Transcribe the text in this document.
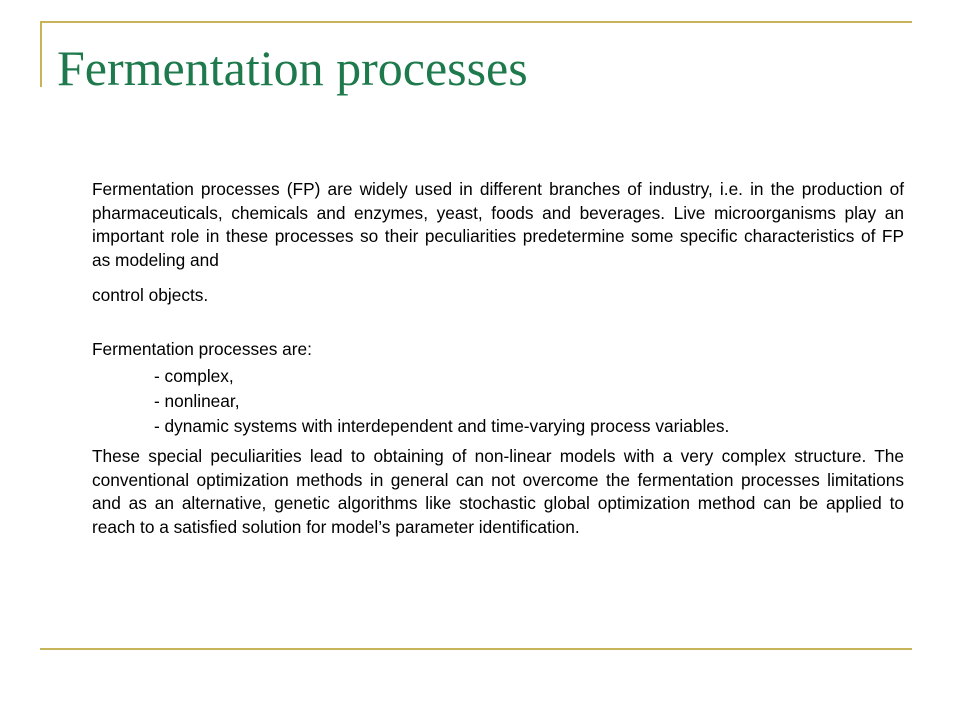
Fermentation processes

Fermentation processes (FP) are widely used in different branches of industry, i.e. in the production of pharmaceuticals, chemicals and enzymes, yeast, foods and beverages. Live microorganisms play an important role in these processes so their peculiarities predetermine some specific characteristics of FP as modeling and
control objects.

Fermentation processes are:

- complex,
- nonlinear,
- dynamic systems with interdependent and time-varying process variables.

These special peculiarities lead to obtaining of non-linear models with a very complex structure. The conventional optimization methods in general can not overcome the fermentation processes limitations and as an alternative, genetic algorithms like stochastic global optimization method can be applied to reach to a satisfied solution for model’s parameter identification.
